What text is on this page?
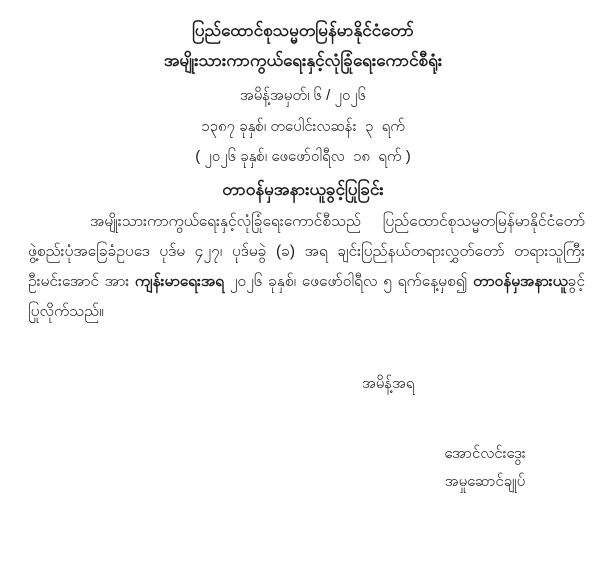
ပြည်ထောင်စုသမ္မတမြန်မာနိုင်ငံတော်
အမျိုးသားကာကွယ်ရေးနှင့်လုံခြုံရေးကောင်စီရုံး
အမိန့်အမှတ်၊ ၆ / ၂၀၂၆
၁၃၈၇ ခုနှစ်၊ တပေါင်းလဆန်း  ၃  ရက်
( ၂၀၂၆ ခုနှစ်၊ ဖေဖော်ဝါရီလ  ၁၈  ရက် )
တာဝန်မှအနားယူခွင့်ပြုခြင်း

အမျိုးသားကာကွယ်ရေးနှင့်လုံခြုံရေးကောင်စီသည် ပြည်ထောင်စုသမ္မတမြန်မာနိုင်ငံတော် ဖွဲ့စည်းပုံအခြေခံဥပဒေ ပုဒ်မ ၄၂၇၊ ပုဒ်မခွဲ (ခ) အရ ချင်းပြည်နယ်တရားလွှတ်တော် တရားသူကြီး ဦးမင်းအောင် အား ကျန်းမာရေးအရ ၂၀၂၆ ခုနှစ်၊ ဖေဖော်ဝါရီလ ၅ ရက်နေ့မှစ၍ တာဝန်မှအနားယူခွင့်ပြုလိုက်သည်။

အမိန့်အရ
အောင်လင်းဒွေး
အမှုဆောင်ချုပ်
